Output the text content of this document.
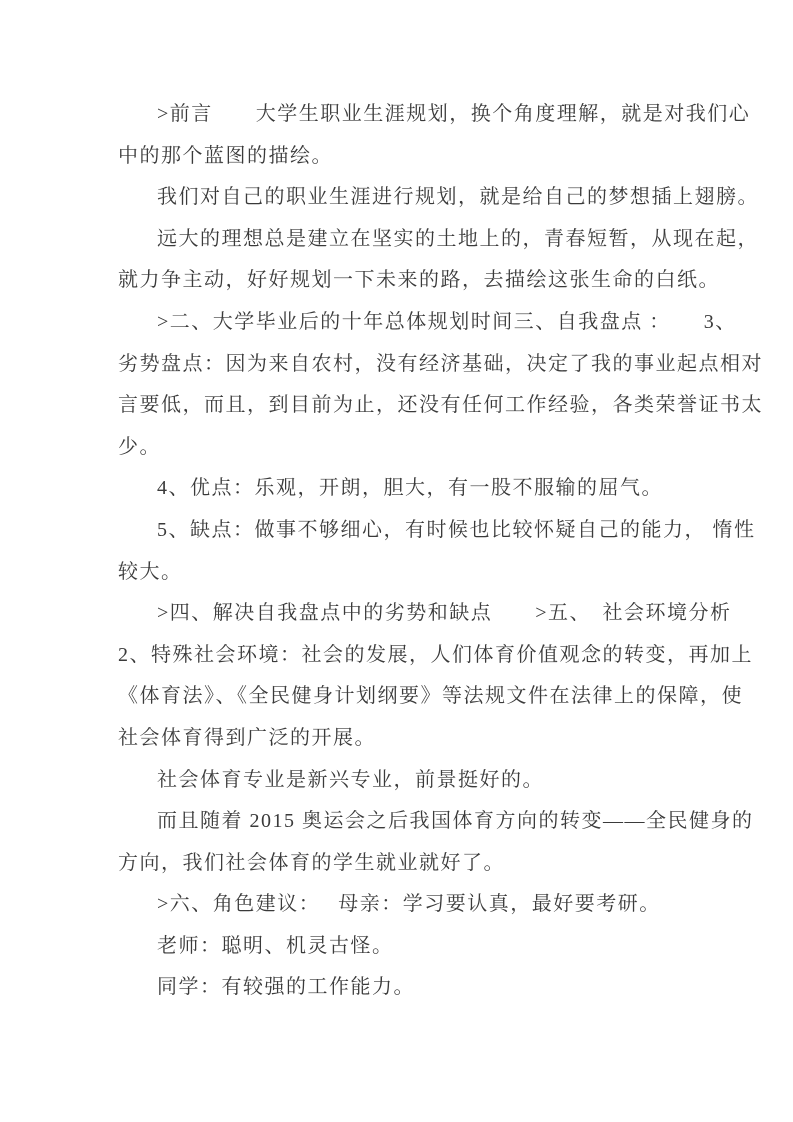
>前言　　大学生职业生涯规划，换个角度理解，就是对我们心
中的那个蓝图的描绘。
我们对自己的职业生涯进行规划，就是给自己的梦想插上翅膀。
远大的理想总是建立在坚实的土地上的，青春短暂，从现在起，
就力争主动，好好规划一下未来的路，去描绘这张生命的白纸。
>二、大学毕业后的十年总体规划时间三、自我盘点 ：　　3、
劣势盘点：因为来自农村，没有经济基础，决定了我的事业起点相对
言要低，而且，到目前为止，还没有任何工作经验，各类荣誉证书太
少。
4、优点：乐观，开朗，胆大，有一股不服输的屈气。
5、缺点：做事不够细心，有时候也比较怀疑自己的能力， 惰性
较大。
>四、解决自我盘点中的劣势和缺点　　>五、　社会环境分析
2、特殊社会环境：社会的发展，人们体育价值观念的转变，再加上
《体育法》、《全民健身计划纲要》等法规文件在法律上的保障，使
社会体育得到广泛的开展。
社会体育专业是新兴专业，前景挺好的。
而且随着 2015 奥运会之后我国体育方向的转变——全民健身的
方向，我们社会体育的学生就业就好了。
>六、角色建议：　 母亲：学习要认真，最好要考研。
老师：聪明、机灵古怪。
同学：有较强的工作能力。
